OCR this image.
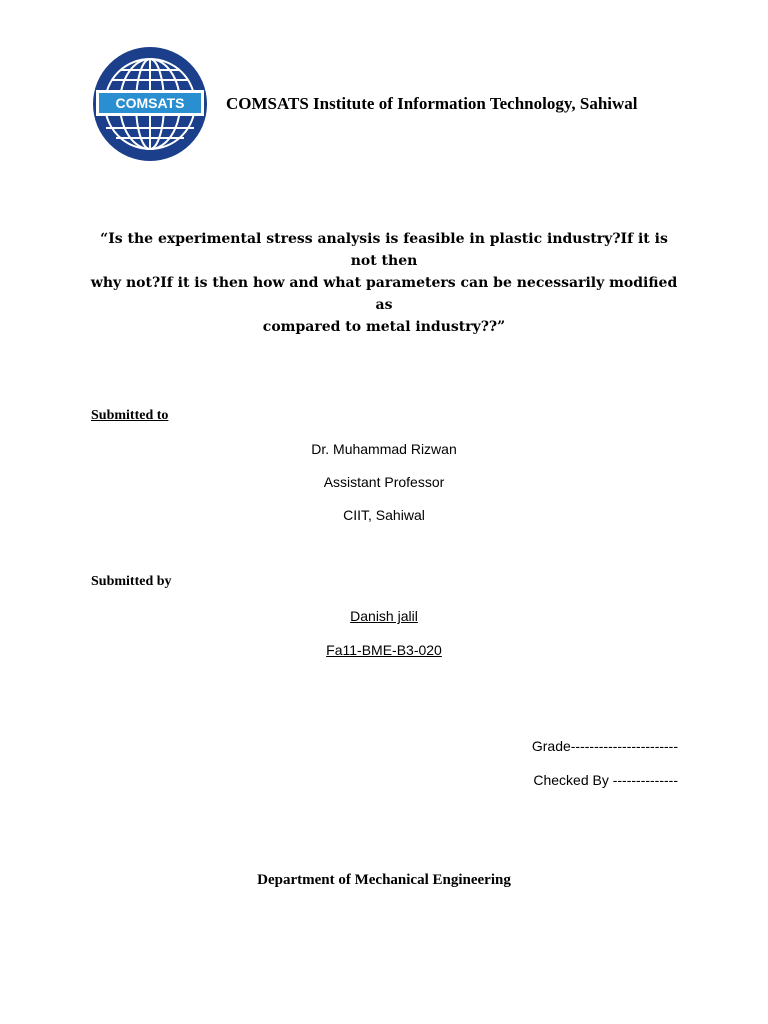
COMSATS COMSATS Institute of Information Technology, Sahiwal
“Is the experimental stress analysis is feasible in plastic industry?If it is not then
why not?If it is then how and what parameters can be necessarily modified as
compared to metal industry??”
Submitted to
Dr. Muhammad Rizwan
Assistant Professor
CIIT, Sahiwal
Submitted by
Danish jalil
Fa11-BME-B3-020
Grade-----------------------
Checked By --------------
Department of Mechanical Engineering
